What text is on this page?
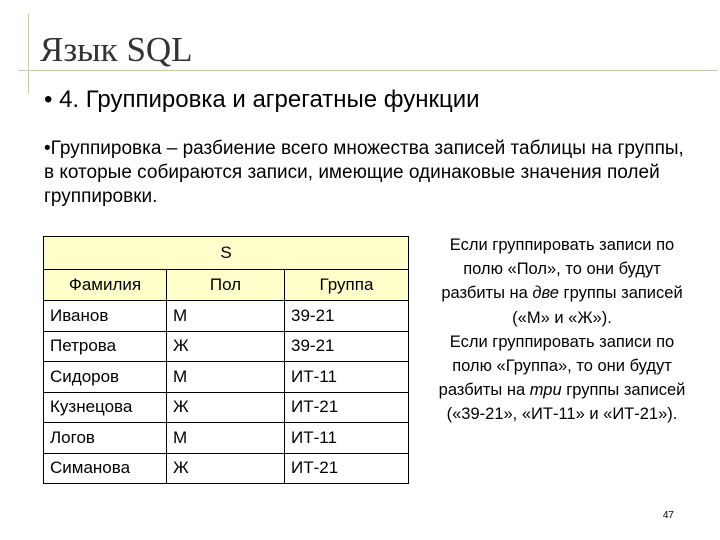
Язык SQL
• 4. Группировка и агрегатные функции
•Группировка – разбиение всего множества записей таблицы на группы, в которые собираются записи, имеющие одинаковые значения полей группировки.
S		
Фамилия	Пол	Группа
Иванов	М	39-21
Петрова	Ж	39-21
Сидоров	М	ИТ-11
Кузнецова	Ж	ИТ-21
Логов	М	ИТ-11
Симанова	Ж	ИТ-21

Если группировать записи по полю «Пол», то они будут разбиты на две группы записей («М» и «Ж»).

Если группировать записи по полю «Группа», то они будут разбиты на три группы записей («39-21», «ИТ-11» и «ИТ-21»).

47
